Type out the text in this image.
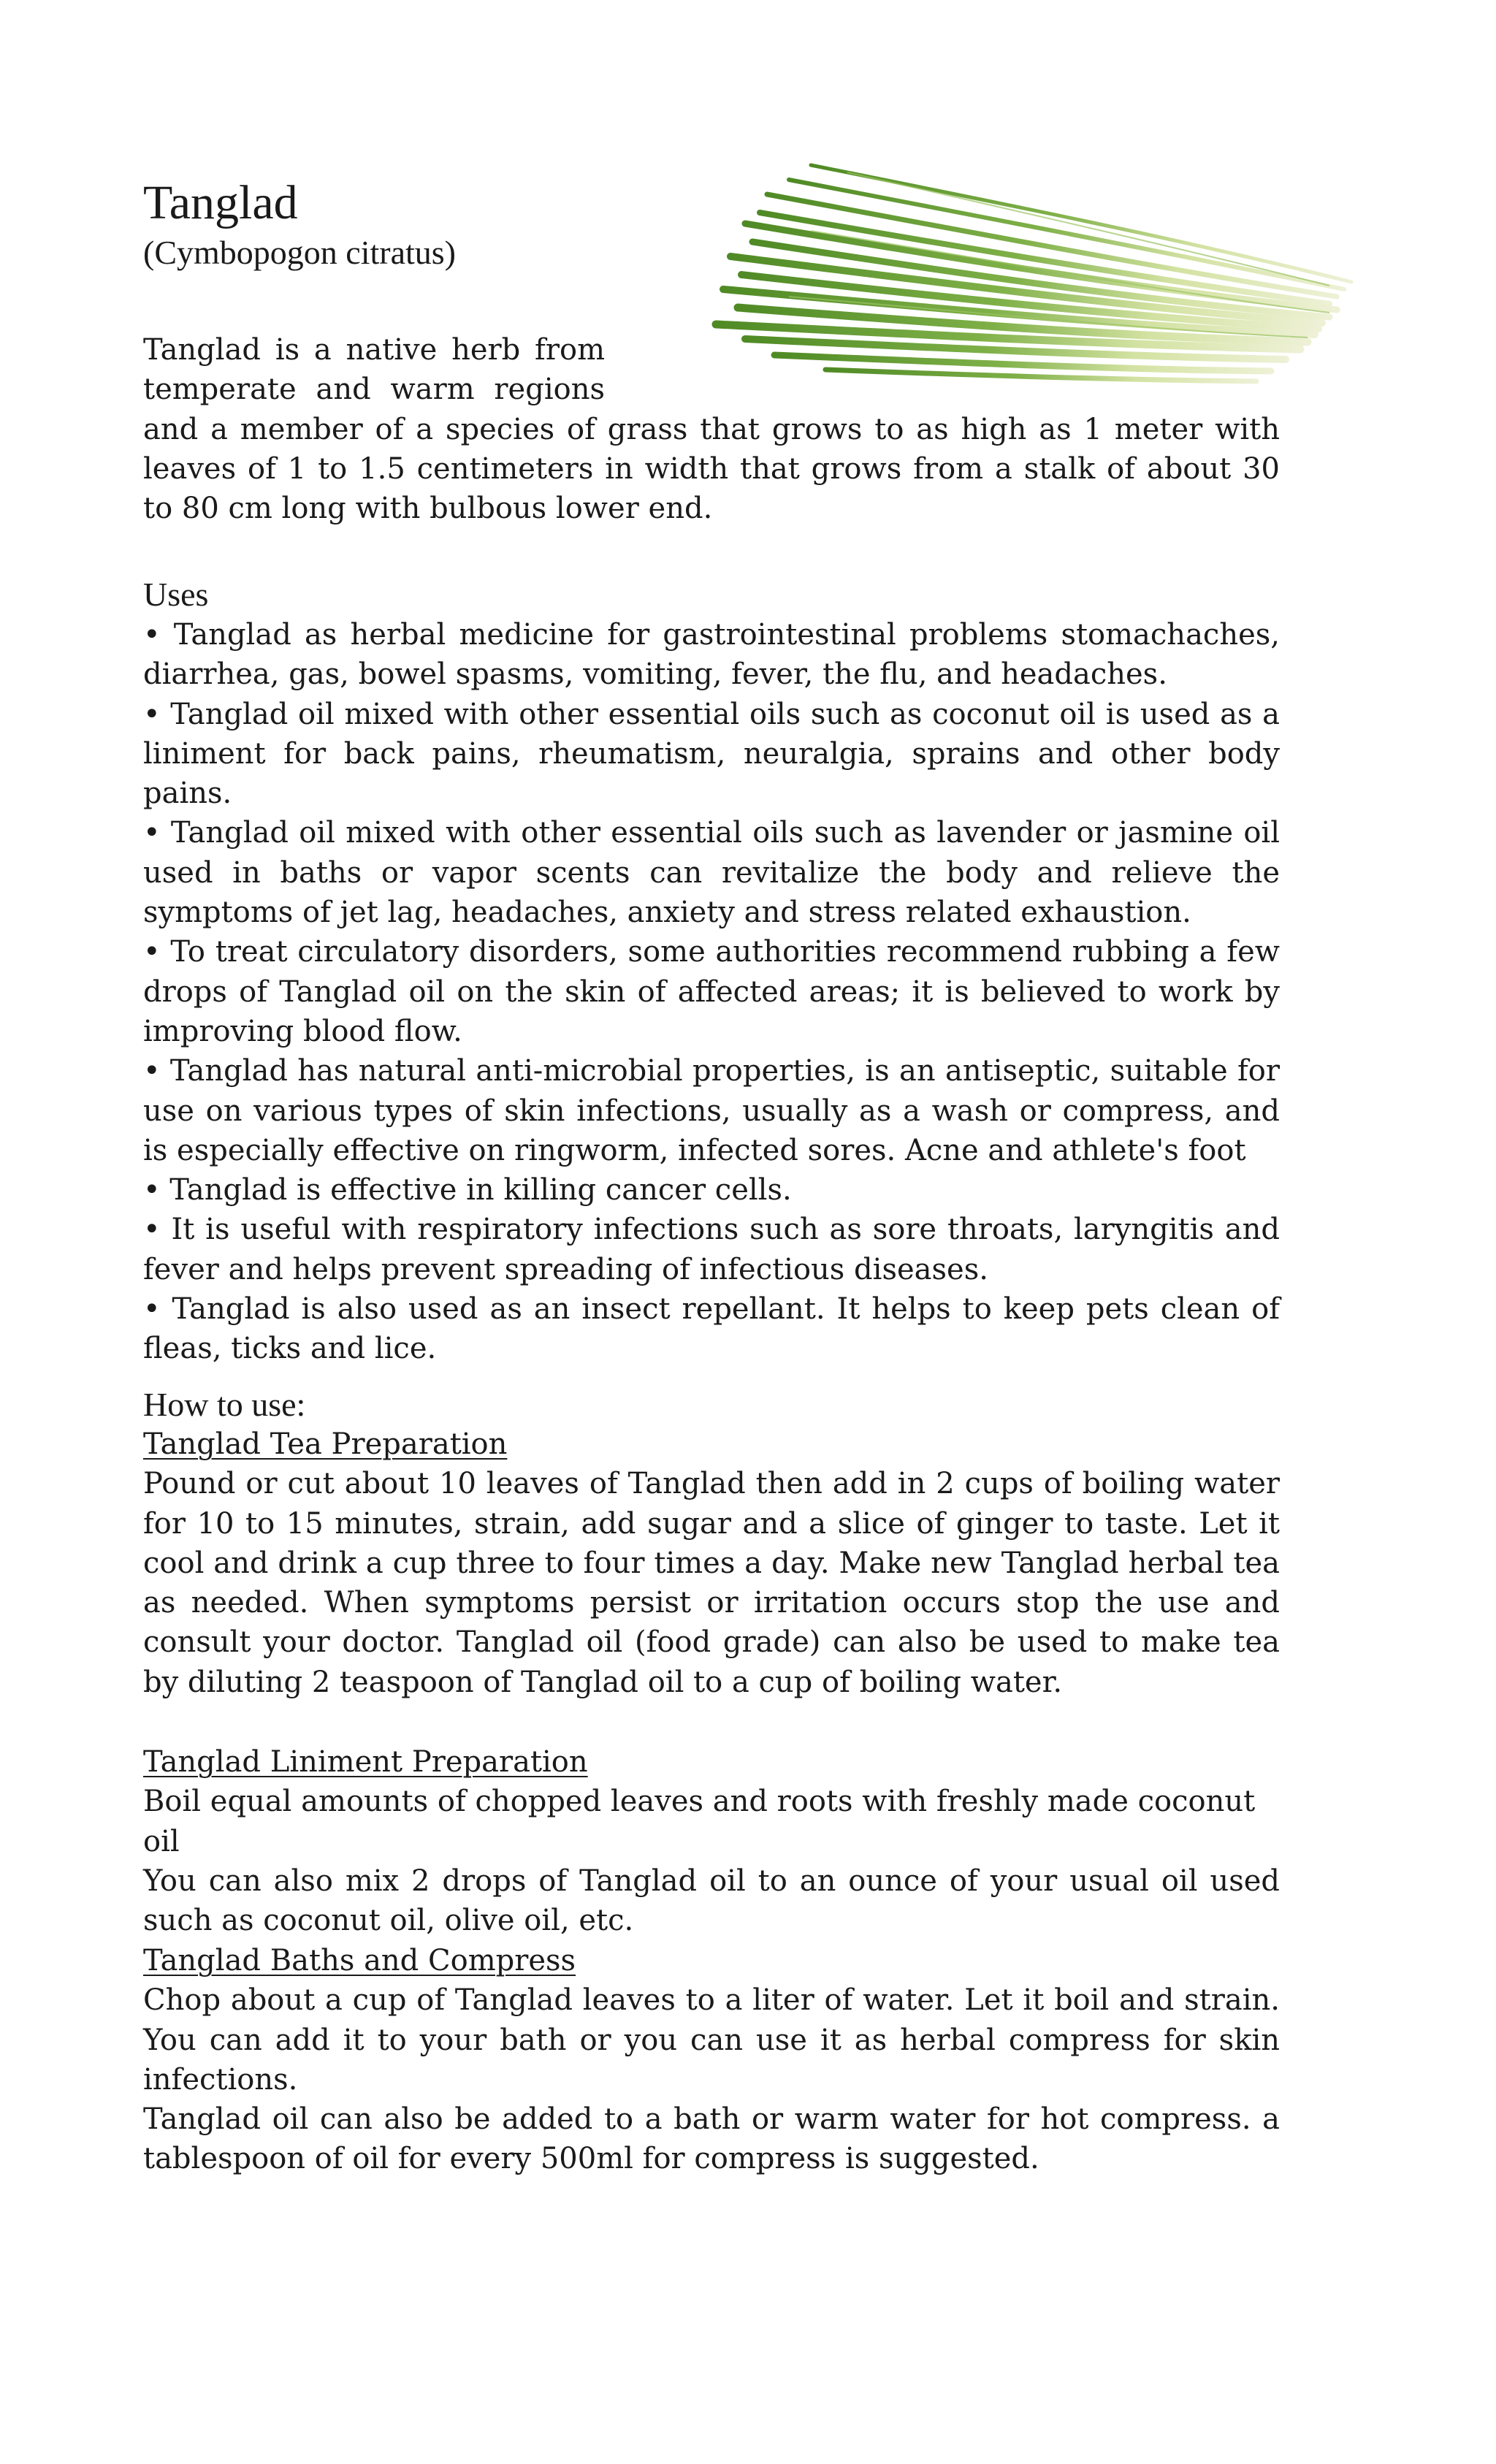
Tanglad
(Cymbopogon citratus)
Tanglad is a native herb from temperate and warm regions and a member of a species of grass that grows to as high as 1 meter with leaves of 1 to 1.5 centimeters in width that grows from a stalk of about 30 to 80 cm long with bulbous lower end.
Uses

• Tanglad as herbal medicine for gastrointestinal problems stomachaches, diarrhea, gas, bowel spasms, vomiting, fever, the flu, and headaches.

• Tanglad oil mixed with other essential oils such as coconut oil is used as a liniment for back pains, rheumatism, neuralgia, sprains and other body pains.

• Tanglad oil mixed with other essential oils such as lavender or jasmine oil used in baths or vapor scents can revitalize the body and relieve the symptoms of jet lag, headaches, anxiety and stress related exhaustion.

• To treat circulatory disorders, some authorities recommend rubbing a few drops of Tanglad oil on the skin of affected areas; it is believed to work by improving blood flow.

• Tanglad has natural anti-microbial properties, is an antiseptic, suitable for use on various types of skin infections, usually as a wash or compress, and is especially effective on ringworm, infected sores. Acne and athlete's foot

• Tanglad is effective in killing cancer cells.

• It is useful with respiratory infections such as sore throats, laryngitis and fever and helps prevent spreading of infectious diseases.

• Tanglad is also used as an insect repellant. It helps to keep pets clean of fleas, ticks and lice.

How to use:

Tanglad Tea Preparation

Pound or cut about 10 leaves of Tanglad then add in 2 cups of boiling water for 10 to 15 minutes, strain, add sugar and a slice of ginger to taste. Let it cool and drink a cup three to four times a day. Make new Tanglad herbal tea as needed. When symptoms persist or irritation occurs stop the use and consult your doctor. Tanglad oil (food grade) can also be used to make tea by diluting 2 teaspoon of Tanglad oil to a cup of boiling water.

Tanglad Liniment Preparation

Boil equal amounts of chopped leaves and roots with freshly made coconut oil

You can also mix 2 drops of Tanglad oil to an ounce of your usual oil used such as coconut oil, olive oil, etc.

Tanglad Baths and Compress

Chop about a cup of Tanglad leaves to a liter of water. Let it boil and strain. You can add it to your bath or you can use it as herbal compress for skin infections.

Tanglad oil can also be added to a bath or warm water for hot compress. a tablespoon of oil for every 500ml for compress is suggested.
